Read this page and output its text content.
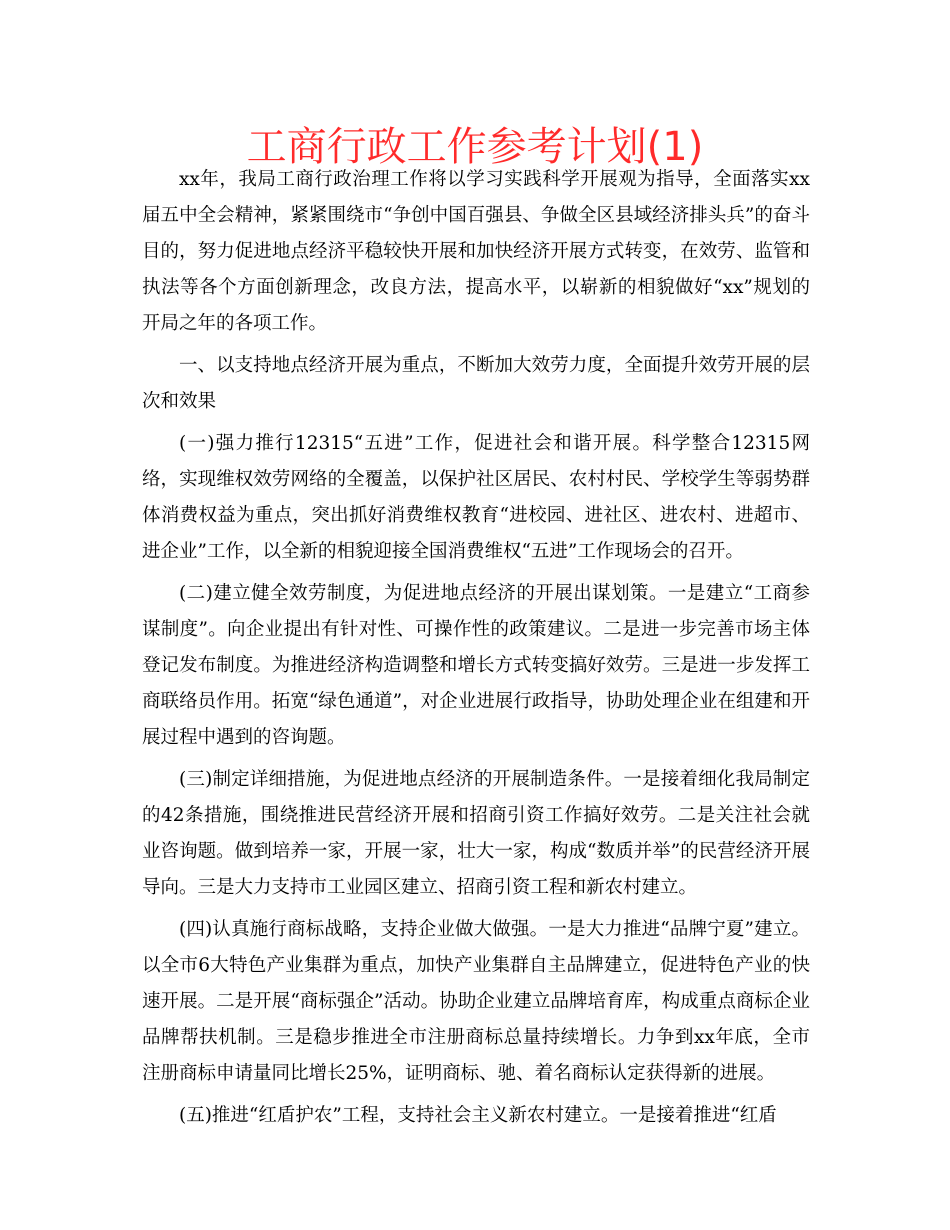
工商行政工作参考计划(1)

xx年，我局工商行政治理工作将以学习实践科学开展观为指导，全面落实xx届五中全会精神，紧紧围绕市“争创中国百强县、争做全区县域经济排头兵”的奋斗目的，努力促进地点经济平稳较快开展和加快经济开展方式转变，在效劳、监管和执法等各个方面创新理念，改良方法，提高水平，以崭新的相貌做好“xx”规划的开局之年的各项工作。

一、以支持地点经济开展为重点，不断加大效劳力度，全面提升效劳开展的层次和效果

(一)强力推行12315“五进”工作，促进社会和谐开展。科学整合12315网络，实现维权效劳网络的全覆盖，以保护社区居民、农村村民、学校学生等弱势群体消费权益为重点，突出抓好消费维权教育“进校园、进社区、进农村、进超市、进企业”工作，以全新的相貌迎接全国消费维权“五进”工作现场会的召开。

(二)建立健全效劳制度，为促进地点经济的开展出谋划策。一是建立“工商参谋制度”。向企业提出有针对性、可操作性的政策建议。二是进一步完善市场主体登记发布制度。为推进经济构造调整和增长方式转变搞好效劳。三是进一步发挥工商联络员作用。拓宽“绿色通道”，对企业进展行政指导，协助处理企业在组建和开展过程中遇到的咨询题。

(三)制定详细措施，为促进地点经济的开展制造条件。一是接着细化我局制定的42条措施，围绕推进民营经济开展和招商引资工作搞好效劳。二是关注社会就业咨询题。做到培养一家，开展一家，壮大一家，构成“数质并举”的民营经济开展导向。三是大力支持市工业园区建立、招商引资工程和新农村建立。

(四)认真施行商标战略，支持企业做大做强。一是大力推进“品牌宁夏”建立。以全市6大特色产业集群为重点，加快产业集群自主品牌建立，促进特色产业的快速开展。二是开展“商标强企”活动。协助企业建立品牌培育库，构成重点商标企业品牌帮扶机制。三是稳步推进全市注册商标总量持续增长。力争到xx年底，全市注册商标申请量同比增长25%，证明商标、驰、着名商标认定获得新的进展。

(五)推进“红盾护农”工程，支持社会主义新农村建立。一是接着推进“红盾
